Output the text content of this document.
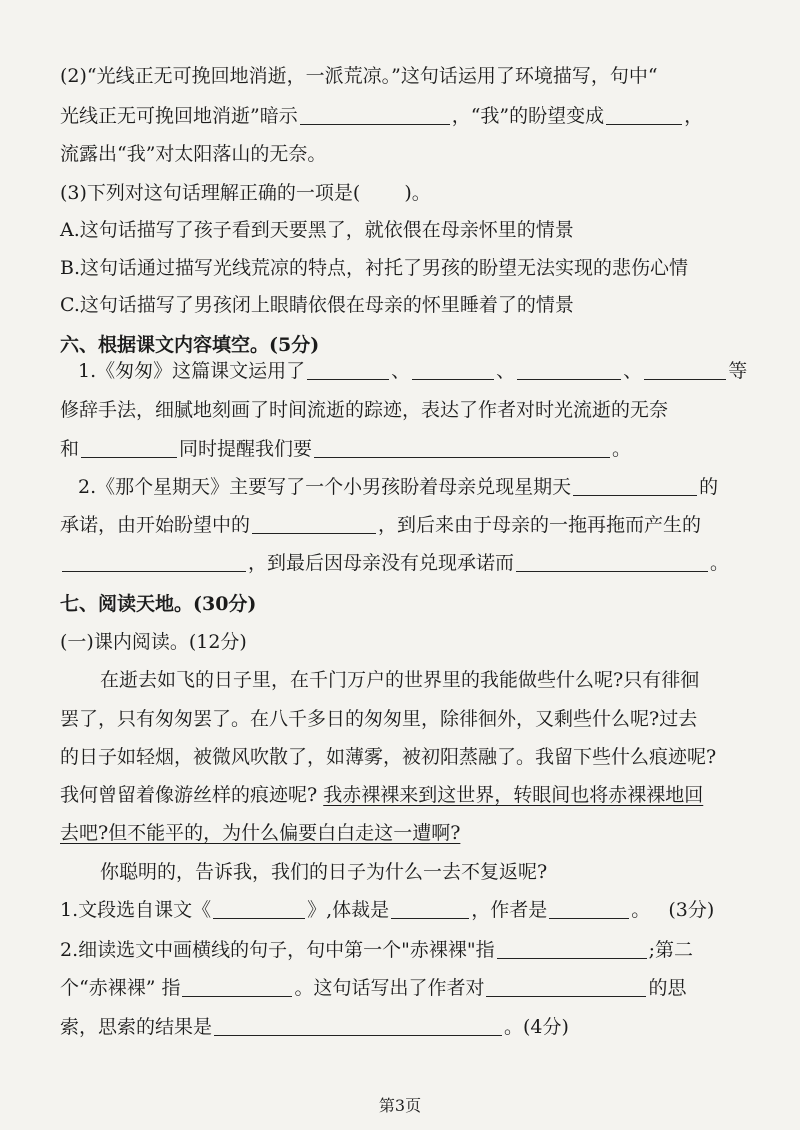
(2)“光线正无可挽回地消逝，一派荒凉。”这句话运用了环境描写，句中“
光线正无可挽回地消逝”暗示	，“我”的盼望变成	，
流露出“我”对太阳落山的无奈。
(3)下列对这句话理解正确的一项是( )。
A.这句话描写了孩子看到天要黑了，就依偎在母亲怀里的情景
B.这句话通过描写光线荒凉的特点，衬托了男孩的盼望无法实现的悲伤心情
C.这句话描写了男孩闭上眼睛依偎在母亲的怀里睡着了的情景
六、根据课文内容填空。(5分)
1.《匆匆》这篇课文运用了	、	、	、	等
修辞手法，细腻地刻画了时间流逝的踪迹，表达了作者对时光流逝的无奈
和	同时提醒我们要	。
2.《那个星期天》主要写了一个小男孩盼着母亲兑现星期天	的
承诺，由开始盼望中的	，到后来由于母亲的一拖再拖而产生的
，到最后因母亲没有兑现承诺而	。
七、阅读天地。(30分)
(一)课内阅读。(12分)
在逝去如飞的日子里，在千门万户的世界里的我能做些什么呢?只有徘徊
罢了，只有匆匆罢了。在八千多日的匆匆里，除徘徊外，又剩些什么呢?过去
的日子如轻烟，被微风吹散了，如薄雾，被初阳蒸融了。我留下些什么痕迹呢?
我何曾留着像游丝样的痕迹呢? 我赤裸裸来到这世界，转眼间也将赤裸裸地回
去吧?但不能平的，为什么偏要白白走这一遭啊?
你聪明的，告诉我，我们的日子为什么一去不复返呢?
1.文段选自课文《	》,体裁是	，作者是	。 (3分)
2.细读选文中画横线的句子，句中第一个"赤裸裸"指	;第二
个“赤裸裸” 指	。这句话写出了作者对	的思
索，思索的结果是	。(4分)
第3页
